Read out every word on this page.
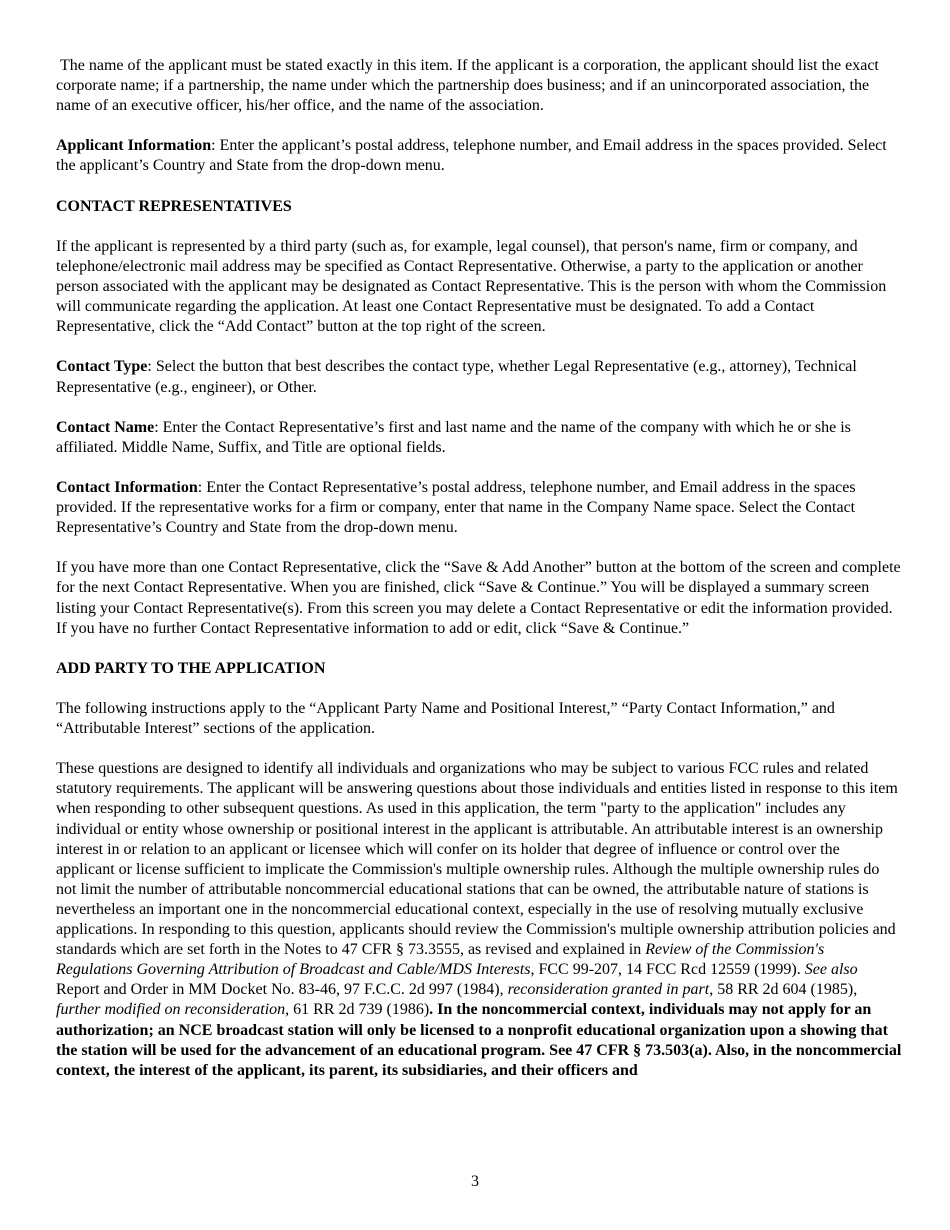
The name of the applicant must be stated exactly in this item. If the applicant is a corporation, the applicant should list the exact corporate name; if a partnership, the name under which the partnership does business; and if an unincorporated association, the name of an executive officer, his/her office, and the name of the association.

Applicant Information: Enter the applicant’s postal address, telephone number, and Email address in the spaces provided. Select the applicant’s Country and State from the drop-down menu.

CONTACT REPRESENTATIVES

If the applicant is represented by a third party (such as, for example, legal counsel), that person's name, firm or company, and telephone/electronic mail address may be specified as Contact Representative. Otherwise, a party to the application or another person associated with the applicant may be designated as Contact Representative. This is the person with whom the Commission will communicate regarding the application. At least one Contact Representative must be designated. To add a Contact Representative, click the “Add Contact” button at the top right of the screen.

Contact Type: Select the button that best describes the contact type, whether Legal Representative (e.g., attorney), Technical Representative (e.g., engineer), or Other.

Contact Name: Enter the Contact Representative’s first and last name and the name of the company with which he or she is affiliated. Middle Name, Suffix, and Title are optional fields.

Contact Information: Enter the Contact Representative’s postal address, telephone number, and Email address in the spaces provided. If the representative works for a firm or company, enter that name in the Company Name space. Select the Contact Representative’s Country and State from the drop-down menu.

If you have more than one Contact Representative, click the “Save & Add Another” button at the bottom of the screen and complete for the next Contact Representative. When you are finished, click “Save & Continue.” You will be displayed a summary screen listing your Contact Representative(s). From this screen you may delete a Contact Representative or edit the information provided. If you have no further Contact Representative information to add or edit, click “Save & Continue.”

ADD PARTY TO THE APPLICATION

The following instructions apply to the “Applicant Party Name and Positional Interest,” “Party Contact Information,” and “Attributable Interest” sections of the application.

These questions are designed to identify all individuals and organizations who may be subject to various FCC rules and related statutory requirements. The applicant will be answering questions about those individuals and entities listed in response to this item when responding to other subsequent questions. As used in this application, the term "party to the application" includes any individual or entity whose ownership or positional interest in the applicant is attributable. An attributable interest is an ownership interest in or relation to an applicant or licensee which will confer on its holder that degree of influence or control over the applicant or license sufficient to implicate the Commission's multiple ownership rules. Although the multiple ownership rules do not limit the number of attributable noncommercial educational stations that can be owned, the attributable nature of stations is nevertheless an important one in the noncommercial educational context, especially in the use of resolving mutually exclusive applications. In responding to this question, applicants should review the Commission's multiple ownership attribution policies and standards which are set forth in the Notes to 47 CFR § 73.3555, as revised and explained in Review of the Commission's Regulations Governing Attribution of Broadcast and Cable/MDS Interests, FCC 99-207, 14 FCC Rcd 12559 (1999). See also Report and Order in MM Docket No. 83-46, 97 F.C.C. 2d 997 (1984), reconsideration granted in part, 58 RR 2d 604 (1985), further modified on reconsideration, 61 RR 2d 739 (1986). In the noncommercial context, individuals may not apply for an authorization; an NCE broadcast station will only be licensed to a nonprofit educational organization upon a showing that the station will be used for the advancement of an educational program. See 47 CFR § 73.503(a). Also, in the noncommercial context, the interest of the applicant, its parent, its subsidiaries, and their officers and

3
